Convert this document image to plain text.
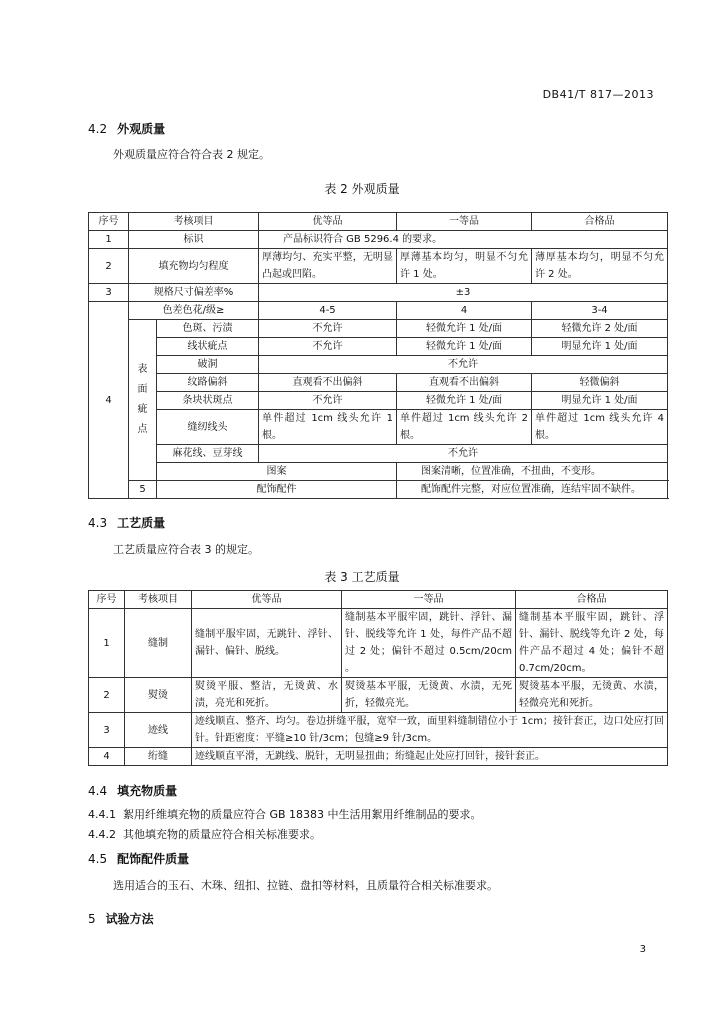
DB41/T 817—2013
4.2 外观质量
外观质量应符合符合表 2 规定。
表 2 外观质量
序号	考核项目		优等品	一等品	合格品
1	标识		产品标识符合 GB 5296.4 的要求。		
2	填充物均匀程度		厚薄均匀、充实平整，无明显凸起或凹陷。	厚薄基本均匀，明显不匀允许 1 处。	薄厚基本均匀，明显不匀允许 2 处。
3	规格尺寸偏差率%		±3		
4	色差色花/级≥		4-5	4	3-4
	表面疵点	色斑、污渍	不允许	轻微允许 1 处/面	轻微允许 2 处/面
		线状疵点	不允许	轻微允许 1 处/面	明显允许 1 处/面
		破洞	不允许		
		纹路偏斜	直观看不出偏斜	直观看不出偏斜	轻微偏斜
		条块状斑点	不允许	轻微允许 1 处/面	明显允许 1 处/面
		缝纫线头	单件超过 1cm 线头允许 1 根。	单件超过 1cm 线头允许 2 根。	单件超过 1cm 线头允许 4 根。
		麻花线、豆芽线	不允许		
		图案		图案清晰，位置准确，不扭曲，不变形。	
	5	配饰配件		配饰配件完整，对应位置准确，连结牢固不缺件。	
4.3 工艺质量
工艺质量应符合表 3 的规定。
表 3 工艺质量
序号	考核项目	优等品	一等品	合格品
1	缝制	缝制平服牢固，无跳针、浮针、漏针、偏针、脱线。	缝制基本平服牢固，跳针、浮针、漏针、脱线等允许 1 处，每件产品不超过 2 处；偏针不超过 0.5cm/20cm 。	缝制基本平服牢固，跳针、浮针、漏针、脱线等允许 2 处，每件产品不超过 4 处；偏针不超 0.7cm/20cm。
2	熨烫	熨烫平服、整洁，无烫黄、水渍，亮光和死折。	熨烫基本平服，无烫黄、水渍，无死折，轻微亮光。	熨烫基本平服，无烫黄、水渍，轻微亮光和死折。
3	迹线	迹线顺直、整齐、均匀。卷边拼缝平服，宽窄一致，面里料缝制错位小于 1cm；接针套正，边口处应打回针。针距密度：平缝≥10 针/3cm；包缝≥9 针/3cm。		
4	绗缝	迹线顺直平滑，无跳线、脱针，无明显扭曲；绗缝起止处应打回针，接针套正。		
4.4 填充物质量
4.4.1 絮用纤维填充物的质量应符合 GB 18383 中生活用絮用纤维制品的要求。
4.4.2 其他填充物的质量应符合相关标准要求。
4.5 配饰配件质量
选用适合的玉石、木珠、纽扣、拉链、盘扣等材料，且质量符合相关标准要求。
5 试验方法
3
